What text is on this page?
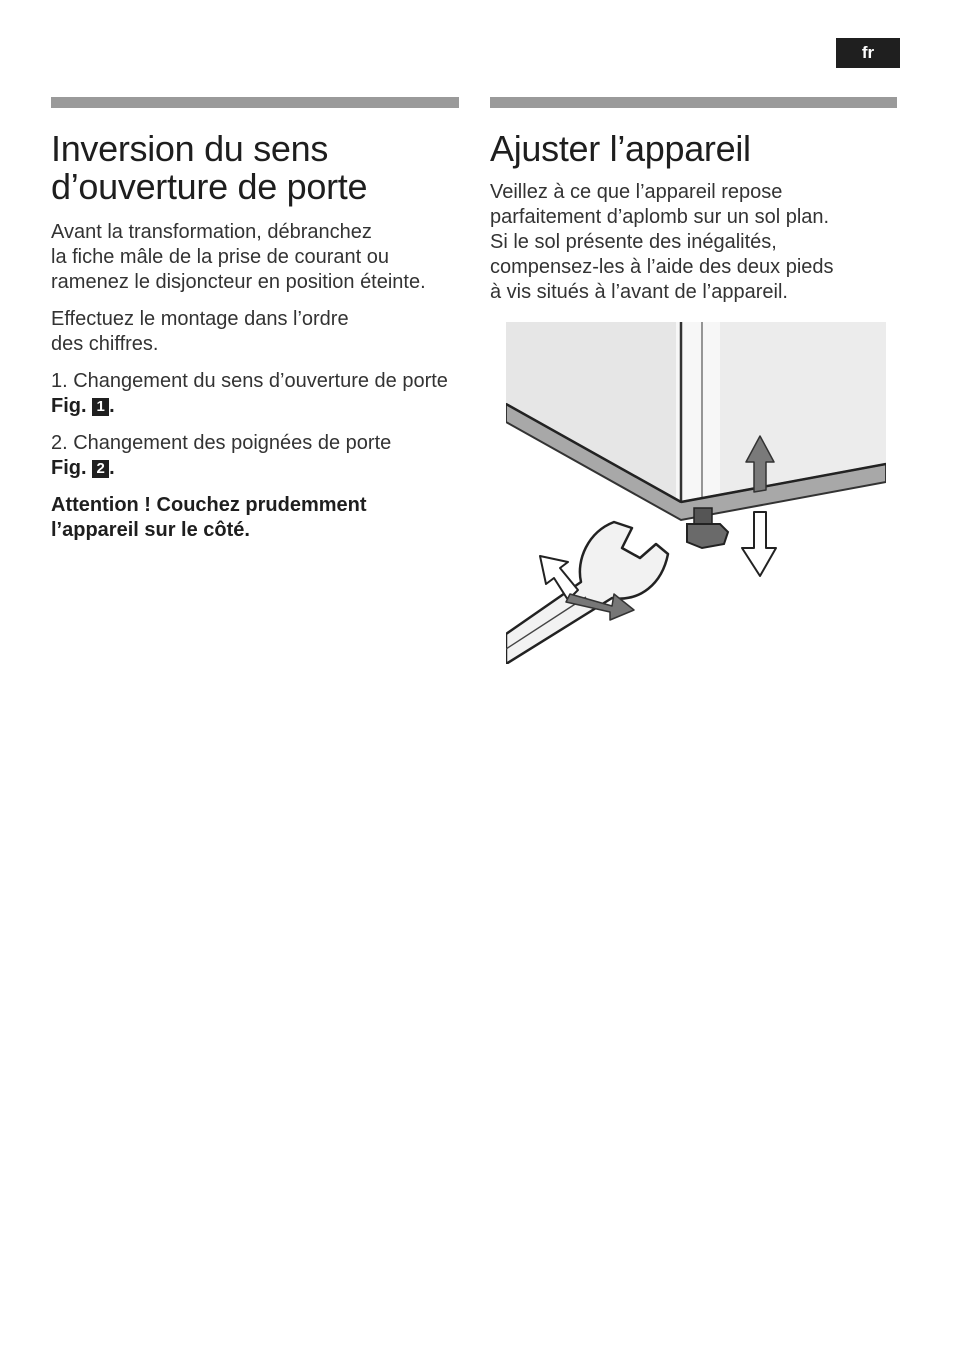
fr
Inversion du sens
d’ouverture de porte

Avant la transformation, débranchez
la fiche mâle de la prise de courant ou
ramenez le disjoncteur en position éteinte.

Effectuez le montage dans l’ordre
des chiffres.

1. Changement du sens d’ouverture de porte Fig. 1 .

2. Changement des poignées de porte
Fig. 2 .

Attention ! Couchez prudemment
l’appareil sur le côté.

Ajuster l’appareil

Veillez à ce que l’appareil repose
parfaitement d’aplomb sur un sol plan.
Si le sol présente des inégalités,
compensez-les à l’aide des deux pieds
à vis situés à l’avant de l’appareil.
